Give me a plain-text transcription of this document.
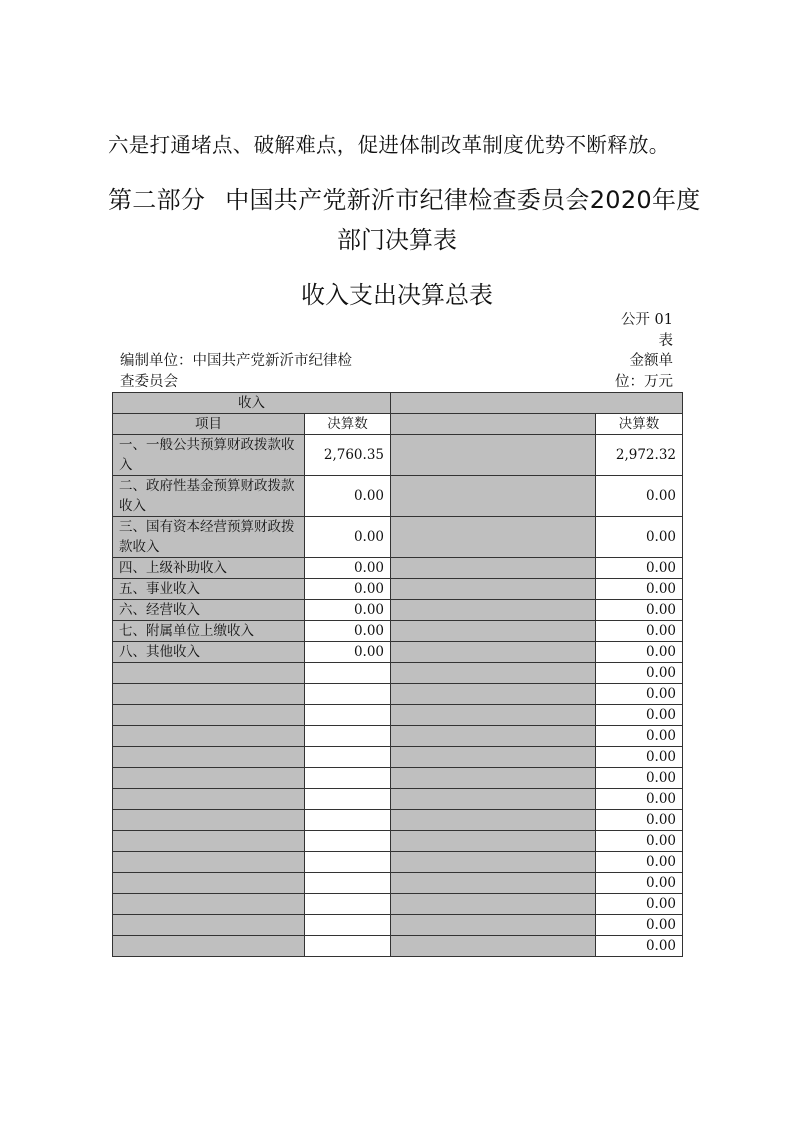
六是打通堵点、破解难点，促进体制改革制度优势不断释放。
第二部分 中国共产党新沂市纪律检查委员会2020年度
部门决算表
收入支出决算总表
公开 01
表
编制单位：中国共产党新沂市纪律检
查委员会
金额单
位：万元
收入			
项目	决算数		决算数
一、一般公共预算财政拨款收入	2,760.35		2,972.32
二、政府性基金预算财政拨款收入	0.00		0.00
三、国有资本经营预算财政拨款收入	0.00		0.00
四、上级补助收入	0.00		0.00
五、事业收入	0.00		0.00
六、经营收入	0.00		0.00
七、附属单位上缴收入	0.00		0.00
八、其他收入	0.00		0.00
			0.00
			0.00
			0.00
			0.00
			0.00
			0.00
			0.00
			0.00
			0.00
			0.00
			0.00
			0.00
			0.00
			0.00
